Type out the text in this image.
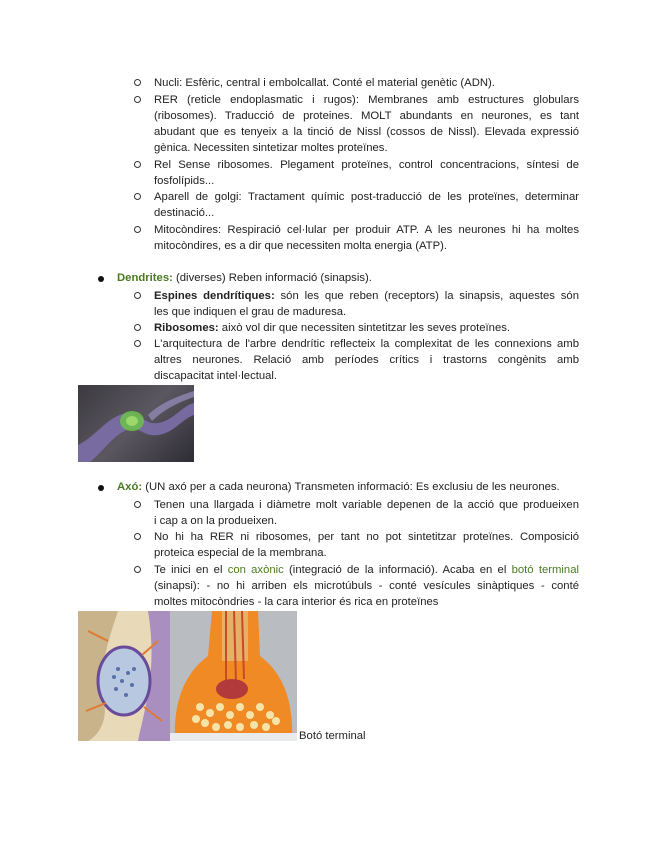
Nucli: Esfèric, central i embolcallat. Conté el material genètic (ADN).
RER (reticle endoplasmatic i rugos): Membranes amb estructures globulars
(ribosomes). Traducció de proteines. MOLT abundants en neurones, es tant
abudant que es tenyeix a la tinció de Nissl (cossos de Nissl). Elevada expressió
gènica. Necessiten sintetizar moltes proteïnes.
Rel Sense ribosomes. Plegament proteïnes, control concentracions, síntesi de
fosfolípids...
Aparell de golgi: Tractament químic post-traducció de les proteïnes, determinar
destinació...
Mitocòndires: Respiració cel·lular per produir ATP. A les neurones hi ha moltes
mitocòndires, es a dir que necessiten molta energia (ATP).
Dendrites: (diverses) Reben informació (sinapsis).
Espines dendrítiques: són les que reben (receptors) la sinapsis, aquestes són
les que indiquen el grau de maduresa.
Ribosomes: això vol dir que necessiten sintetitzar les seves proteïnes.
L'arquitectura de l'arbre dendrític reflecteix la complexitat de les connexions amb
altres neurones. Relació amb períodes crítics i trastorns congènits amb
discapacitat intel·lectual.
Axó: (UN axó per a cada neurona) Transmeten informació: Es exclusiu de les neurones.
Tenen una llargada i diàmetre molt variable depenen de la acció que produeixen
i cap a on la produeixen.
No hi ha RER ni ribosomes, per tant no pot sintetitzar proteïnes. Composició
proteica especial de la membrana.
Te inici en el con axònic (integració de la informació). Acaba en el botó terminal
(sinapsi): - no hi arriben els microtúbuls - conté vesícules sinàptiques - conté
moltes mitocòndries - la cara interior és rica en proteïnes
Botó terminal
